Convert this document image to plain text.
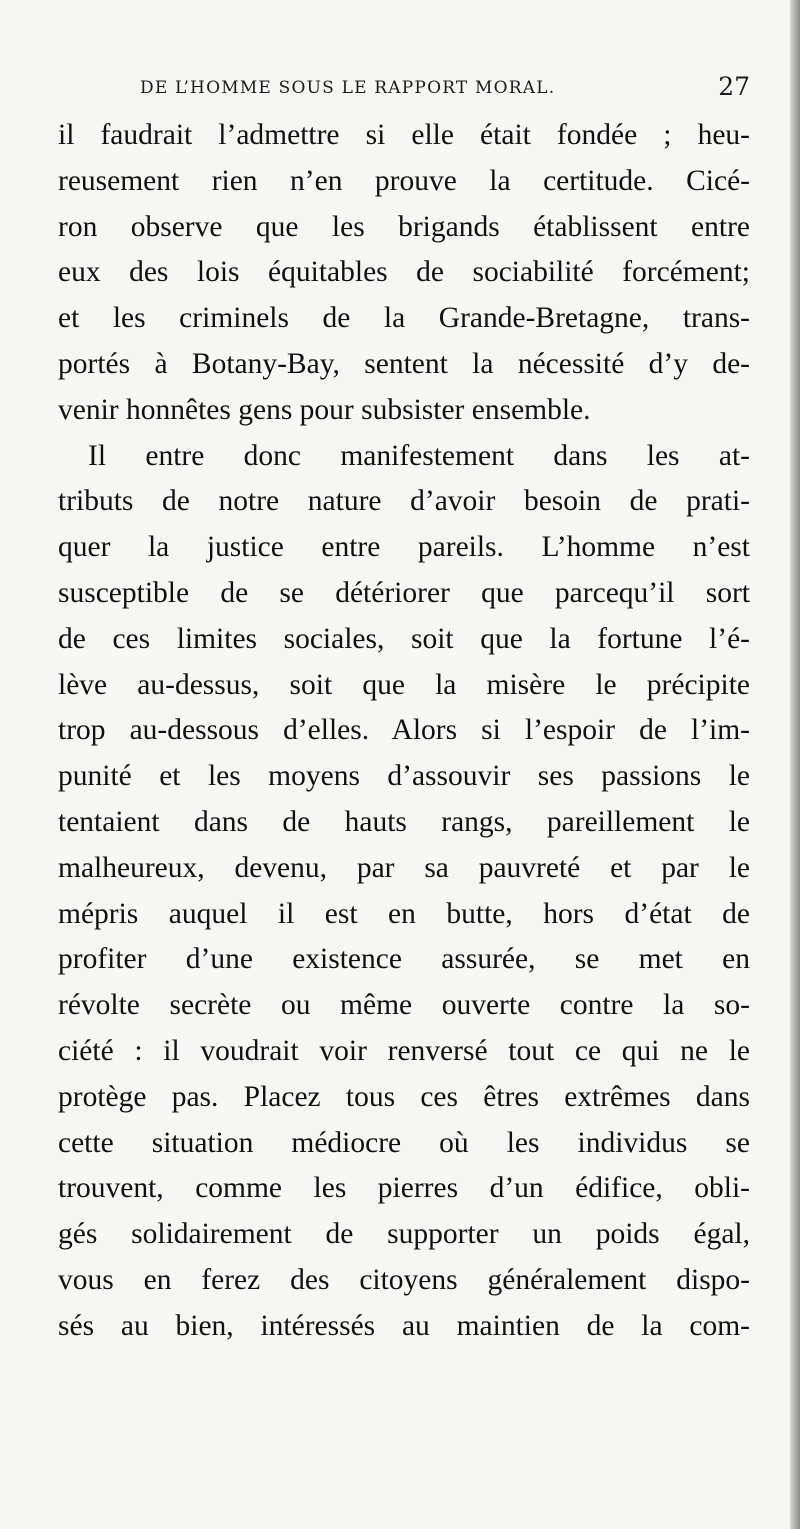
DE L’HOMME SOUS LE RAPPORT MORAL.	27
il faudrait l’admettre si elle était fondée ; heu-
reusement rien n’en prouve la certitude. Cicé-
ron observe que les brigands établissent entre
eux des lois équitables de sociabilité forcément;
et les criminels de la Grande-Bretagne, trans-
portés à Botany-Bay, sentent la nécessité d’y de-
venir honnêtes gens pour subsister ensemble.
Il entre donc manifestement dans les at-
tributs de notre nature d’avoir besoin de prati-
quer la justice entre pareils. L’homme n’est
susceptible de se détériorer que parcequ’il sort
de ces limites sociales, soit que la fortune l’é-
lève au-dessus, soit que la misère le précipite
trop au-dessous d’elles. Alors si l’espoir de l’im-
punité et les moyens d’assouvir ses passions le
tentaient dans de hauts rangs, pareillement le
malheureux, devenu, par sa pauvreté et par le
mépris auquel il est en butte, hors d’état de
profiter d’une existence assurée, se met en
révolte secrète ou même ouverte contre la so-
ciété : il voudrait voir renversé tout ce qui ne le
protège pas. Placez tous ces êtres extrêmes dans
cette situation médiocre où les individus se
trouvent, comme les pierres d’un édifice, obli-
gés solidairement de supporter un poids égal,
vous en ferez des citoyens généralement dispo-
sés au bien, intéressés au maintien de la com-
